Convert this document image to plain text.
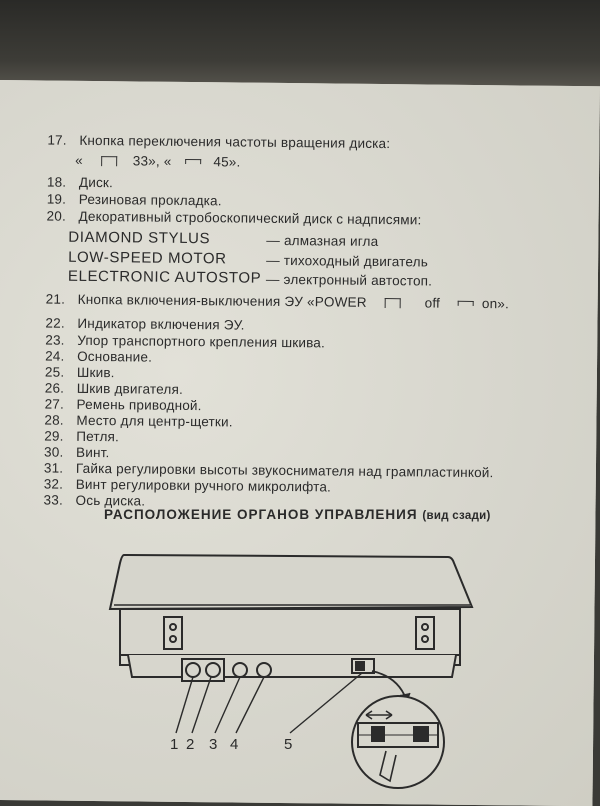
17. Кнопка переключения частоты вращения диска:
«	33», «	45».
18. Диск.
19. Резиновая прокладка.
20. Декоративный стробоскопический диск с надписями:
DIAMOND STYLUS	— алмазная игла
LOW-SPEED MOTOR	— тихоходный двигатель
ELECTRONIC AUTOSTOP — электронный автостоп.
21. Кнопка включения-выключения ЭУ «POWER	off	on».
22. Индикатор включения ЭУ.
23. Упор транспортного крепления шкива.
24. Основание.
25. Шкив.
26. Шкив двигателя.
27. Ремень приводной.
28. Место для центр-щетки.
29. Петля.
30. Винт.
31. Гайка регулировки высоты звукоснимателя над грампластинкой.
32. Винт регулировки ручного микролифта.
33. Ось диска.
РАСПОЛОЖЕНИЕ ОРГАНОВ УПРАВЛЕНИЯ (вид сзади)
1 2 3 4	5
